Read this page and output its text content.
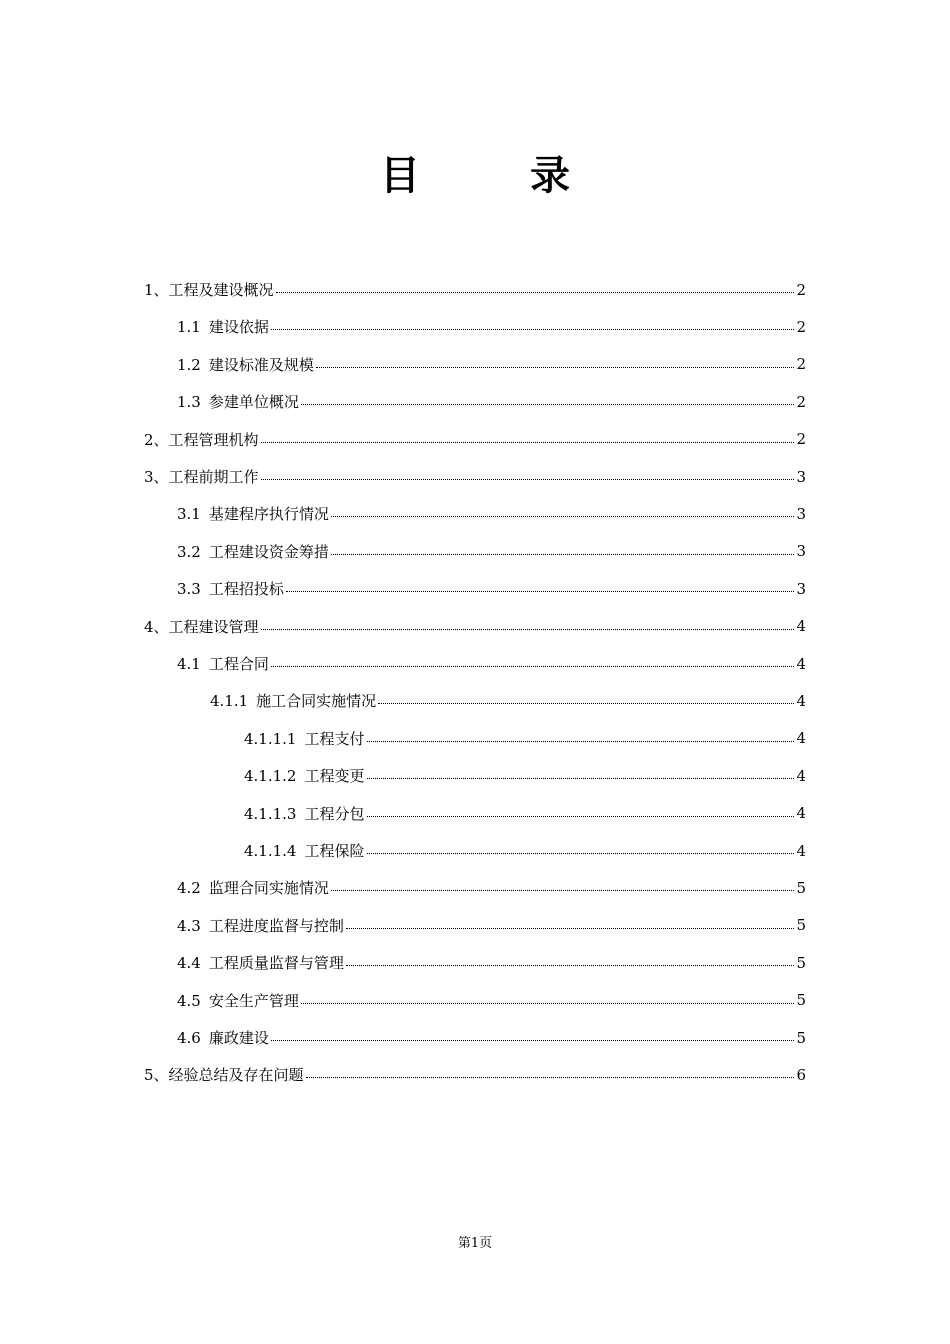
目	录
1、工程及建设概况	2
1.1 建设依据	2
1.2 建设标准及规模	2
1.3 参建单位概况	2
2、工程管理机构	2
3、工程前期工作	3
3.1 基建程序执行情况	3
3.2 工程建设资金筹措	3
3.3 工程招投标	3
4、工程建设管理	4
4.1 工程合同	4
4.1.1 施工合同实施情况	4
4.1.1.1 工程支付	4
4.1.1.2 工程变更	4
4.1.1.3 工程分包	4
4.1.1.4 工程保险	4
4.2 监理合同实施情况	5
4.3 工程进度监督与控制	5
4.4 工程质量监督与管理	5
4.5 安全生产管理	5
4.6 廉政建设	5
5、经验总结及存在问题	6
第1页
